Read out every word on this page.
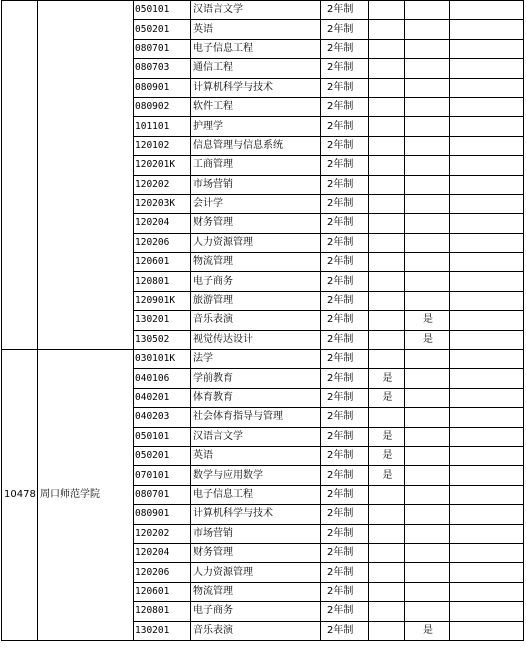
		050101	汉语言文学	2年制			
		050201	英语	2年制			
		080701	电子信息工程	2年制			
		080703	通信工程	2年制			
		080901	计算机科学与技术	2年制			
		080902	软件工程	2年制			
		101101	护理学	2年制			
		120102	信息管理与信息系统	2年制			
		120201K	工商管理	2年制			
		120202	市场营销	2年制			
		120203K	会计学	2年制			
		120204	财务管理	2年制			
		120206	人力资源管理	2年制			
		120601	物流管理	2年制			
		120801	电子商务	2年制			
		120901K	旅游管理	2年制			
		130201	音乐表演	2年制		是	
		130502	视觉传达设计	2年制		是	
10478	周口师范学院	030101K	法学	2年制			
		040106	学前教育	2年制	是		
		040201	体育教育	2年制	是		
		040203	社会体育指导与管理	2年制			
		050101	汉语言文学	2年制	是		
		050201	英语	2年制	是		
		070101	数学与应用数学	2年制	是		
		080701	电子信息工程	2年制			
		080901	计算机科学与技术	2年制			
		120202	市场营销	2年制			
		120204	财务管理	2年制			
		120206	人力资源管理	2年制			
		120601	物流管理	2年制			
		120801	电子商务	2年制			
		130201	音乐表演	2年制		是	
